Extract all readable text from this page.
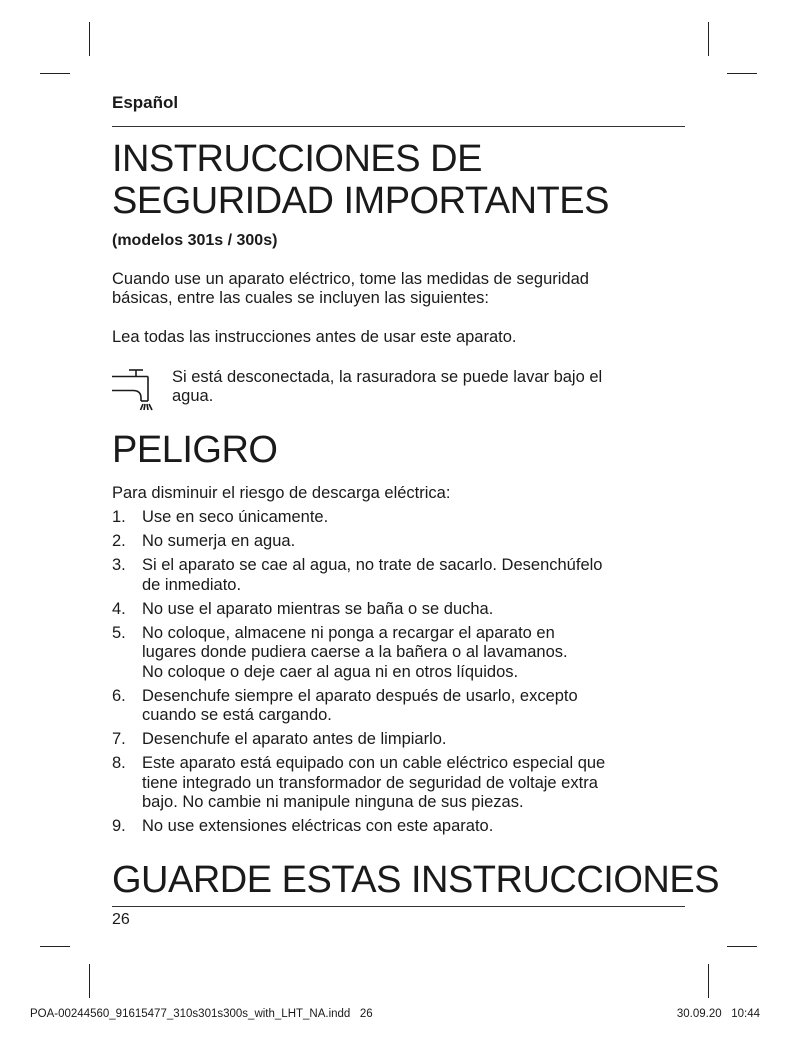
Español
INSTRUCCIONES DE
SEGURIDAD IMPORTANTES
(modelos 301s / 300s)

Cuando use un aparato eléctrico, tome las medidas de seguridad
básicas, entre las cuales se incluyen las siguientes:

Lea todas las instrucciones antes de usar este aparato.

Si está desconectada, la rasuradora se puede lavar bajo el
agua.
PELIGRO

Para disminuir el riesgo de descarga eléctrica:

1. Use en seco únicamente.
2. No sumerja en agua.
3. Si el aparato se cae al agua, no trate de sacarlo. Desenchúfelo
de inmediato.
4. No use el aparato mientras se baña o se ducha.
5. No coloque, almacene ni ponga a recargar el aparato en
lugares donde pudiera caerse a la bañera o al lavamanos.
No coloque o deje caer al agua ni en otros líquidos.
6. Desenchufe siempre el aparato después de usarlo, excepto
cuando se está cargando.
7. Desenchufe el aparato antes de limpiarlo.
8. Este aparato está equipado con un cable eléctrico especial que
tiene integrado un transformador de seguridad de voltaje extra
bajo. No cambie ni manipule ninguna de sus piezas.
9. No use extensiones eléctricas con este aparato.
GUARDE ESTAS INSTRUCCIONES
26
POA-00244560_91615477_310s301s300s_with_LHT_NA.indd   26	30.09.20   10:44
